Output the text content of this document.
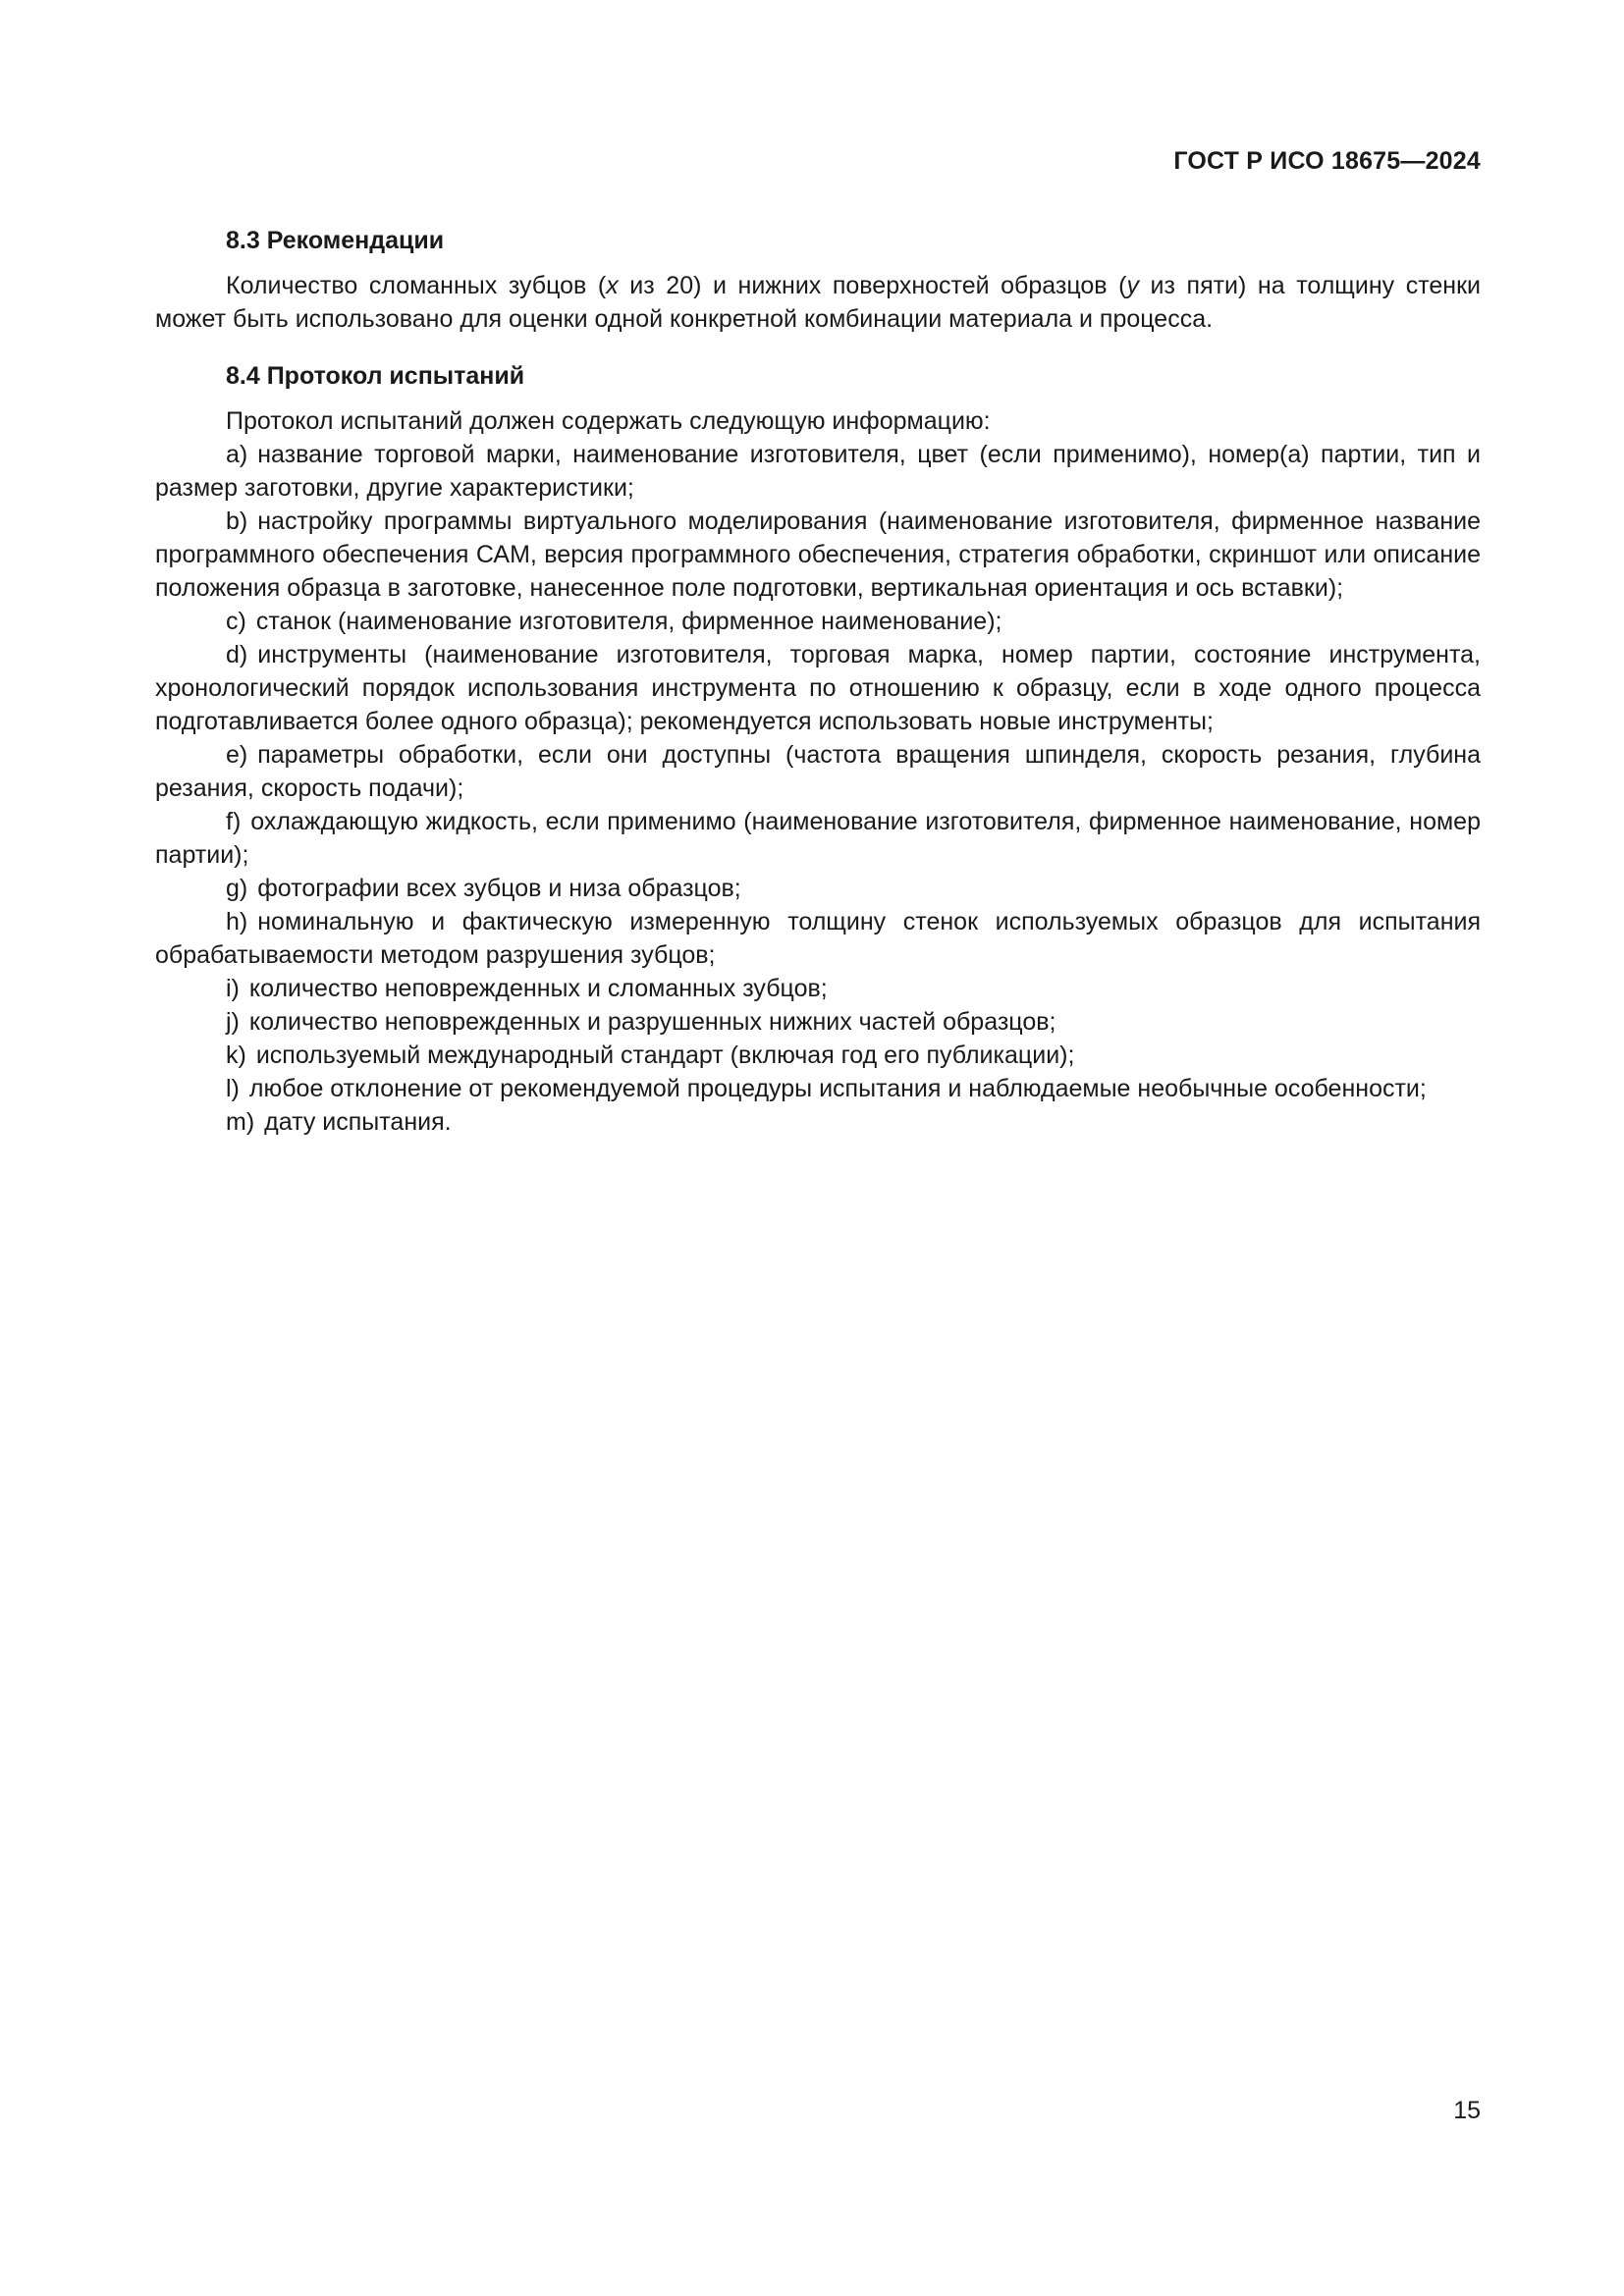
ГОСТ Р ИСО 18675—2024
8.3 Рекомендации

Количество сломанных зубцов (x из 20) и нижних поверхностей образцов (y из пяти) на толщину стенки может быть использовано для оценки одной конкретной комбинации материала и процесса.

8.4 Протокол испытаний

Протокол испытаний должен содержать следующую информацию:

a) название торговой марки, наименование изготовителя, цвет (если применимо), номер(а) партии, тип и размер заготовки, другие характеристики;

b) настройку программы виртуального моделирования (наименование изготовителя, фирменное название программного обеспечения САМ, версия программного обеспечения, стратегия обработки, скриншот или описание положения образца в заготовке, нанесенное поле подготовки, вертикальная ориентация и ось вставки);

c) станок (наименование изготовителя, фирменное наименование);

d) инструменты (наименование изготовителя, торговая марка, номер партии, состояние инструмента, хронологический порядок использования инструмента по отношению к образцу, если в ходе одного процесса подготавливается более одного образца); рекомендуется использовать новые инструменты;

e) параметры обработки, если они доступны (частота вращения шпинделя, скорость резания, глубина резания, скорость подачи);

f) охлаждающую жидкость, если применимо (наименование изготовителя, фирменное наименование, номер партии);

g) фотографии всех зубцов и низа образцов;

h) номинальную и фактическую измеренную толщину стенок используемых образцов для испытания обрабатываемости методом разрушения зубцов;

i) количество неповрежденных и сломанных зубцов;

j) количество неповрежденных и разрушенных нижних частей образцов;

k) используемый международный стандарт (включая год его публикации);

l) любое отклонение от рекомендуемой процедуры испытания и наблюдаемые необычные особенности;

m) дату испытания.

15
